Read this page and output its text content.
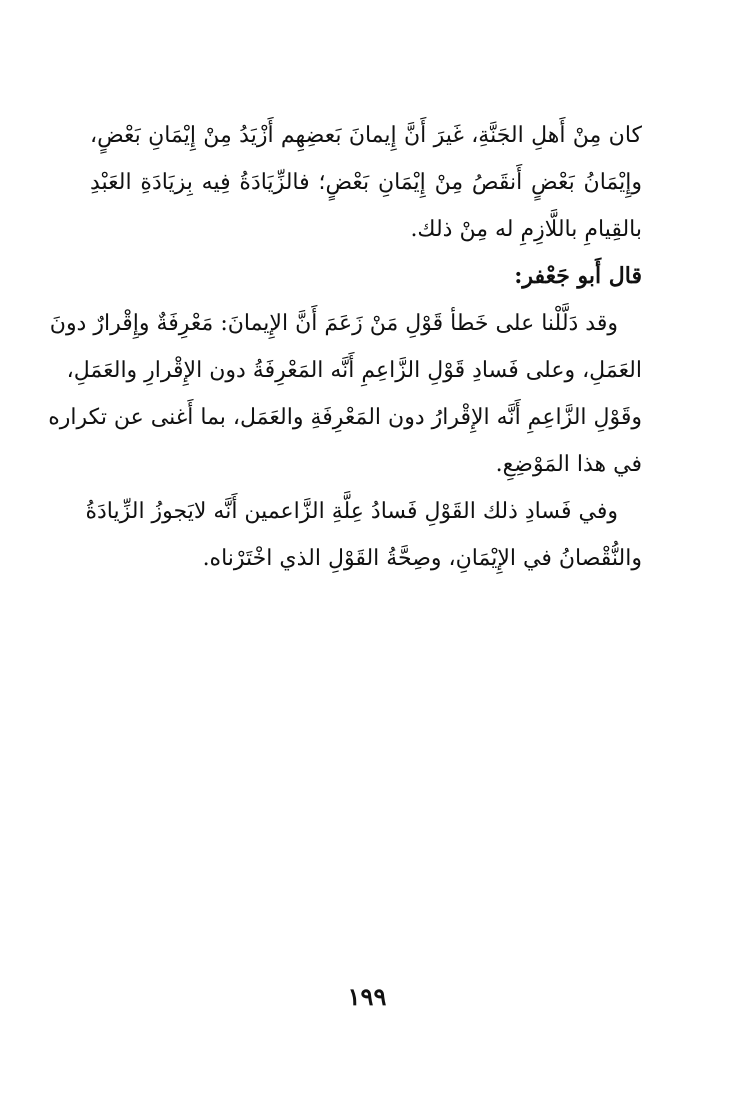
كان مِنْ أَهلِ الجَنَّةِ، غَيرَ أَنَّ إِيمانَ بَعضِهِم أَزْيَدُ مِنْ إِيْمَانِ بَعْضٍ،
وإِيْمَانُ بَعْضٍ أَنقَصُ مِنْ إِيْمَانِ بَعْضٍ؛ فالزِّيَادَةُ فِيه بِزيَادَةِ العَبْدِ
بالقِيامِ باللَّازِمِ له مِنْ ذلك.
قال أَبو جَعْفر:
وقد دَلَّلْنا على خَطأ قَوْلِ مَنْ زَعَمَ أَنَّ الإِيمانَ: مَعْرِفَةٌ وإِقْرارٌ دونَ
العَمَلِ، وعلى فَسادِ قَوْلِ الزَّاعِمِ أَنَّه المَعْرِفَةُ دون الإِقْرارِ والعَمَلِ،
وقَوْلِ الزَّاعِمِ أَنَّه الإِقْرارُ دون المَعْرِفَةِ والعَمَل، بما أَغنى عن تكراره
في هذا المَوْضِعِ.
وفي فَسادِ ذلك القَوْلِ فَسادُ عِلَّةِ الزَّاعمين أَنَّه لايَجوزُ الزِّيادَةُ
والنُّقْصانُ في الإِيْمَانِ، وصِحَّةُ القَوْلِ الذي اخْتَرْناه.
١٩٩
